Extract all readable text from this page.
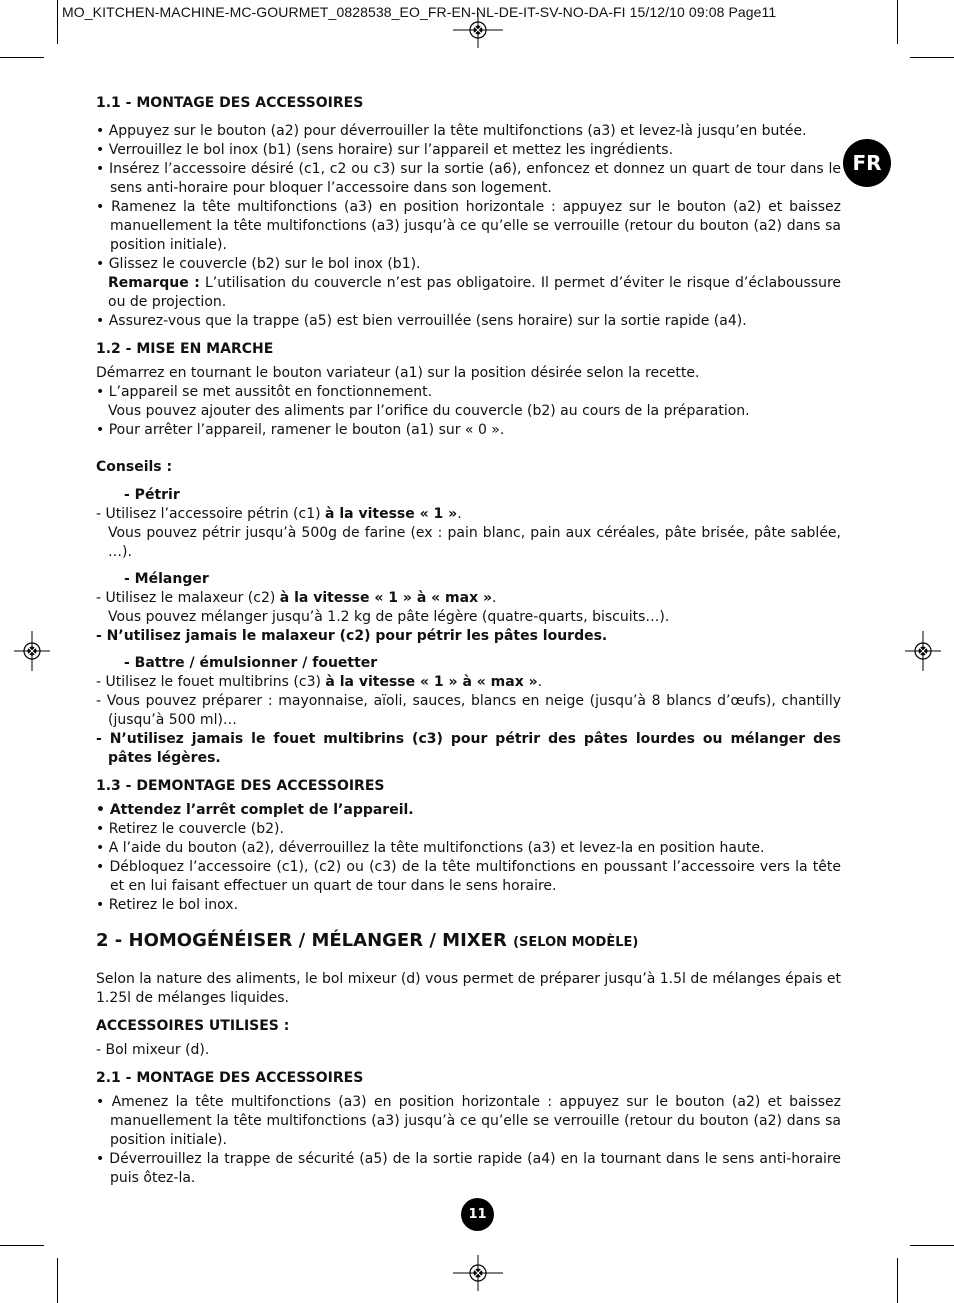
MO_KITCHEN-MACHINE-MC-GOURMET_0828538_EO_FR-EN-NL-DE-IT-SV-NO-DA-FI 15/12/10 09:08 Page11
FR
11

1.1 - MONTAGE DES ACCESSOIRES

• Appuyez sur le bouton (a2) pour déverrouiller la tête multifonctions (a3) et levez-là jusqu’en butée.

• Verrouillez le bol inox (b1) (sens horaire) sur l’appareil et mettez les ingrédients.

• Insérez l’accessoire désiré (c1, c2 ou c3) sur la sortie (a6), enfoncez et donnez un quart de tour dans le sens anti-horaire pour bloquer l’accessoire dans son logement.

• Ramenez la tête multifonctions (a3) en position horizontale : appuyez sur le bouton (a2) et baissez manuellement la tête multifonctions (a3) jusqu’à ce qu’elle se verrouille (retour du bouton (a2) dans sa position initiale).

• Glissez le couvercle (b2) sur le bol inox (b1).

Remarque : L’utilisation du couvercle n’est pas obligatoire. Il permet d’éviter le risque d’éclaboussure ou de projection.

• Assurez-vous que la trappe (a5) est bien verrouillée (sens horaire) sur la sortie rapide (a4).

1.2 - MISE EN MARCHE

Démarrez en tournant le bouton variateur (a1) sur la position désirée selon la recette.

• L’appareil se met aussitôt en fonctionnement.

Vous pouvez ajouter des aliments par l’orifice du couvercle (b2) au cours de la préparation.

• Pour arrêter l’appareil, ramener le bouton (a1) sur « 0 ».

Conseils :

- Pétrir

- Utilisez l’accessoire pétrin (c1) à la vitesse « 1 ».

Vous pouvez pétrir jusqu’à 500g de farine (ex : pain blanc, pain aux céréales, pâte brisée, pâte sablée, …).

- Mélanger

- Utilisez le malaxeur (c2) à la vitesse « 1 » à « max ».

Vous pouvez mélanger jusqu’à 1.2 kg de pâte légère (quatre-quarts, biscuits…).

- N’utilisez jamais le malaxeur (c2) pour pétrir les pâtes lourdes.

- Battre / émulsionner / fouetter

- Utilisez le fouet multibrins (c3) à la vitesse « 1 » à « max ».

- Vous pouvez préparer : mayonnaise, aïoli, sauces, blancs en neige (jusqu’à 8 blancs d’œufs), chantilly (jusqu’à 500 ml)…

- N’utilisez jamais le fouet multibrins (c3) pour pétrir des pâtes lourdes ou mélanger des pâtes légères.

1.3 - DEMONTAGE DES ACCESSOIRES

• Attendez l’arrêt complet de l’appareil.

• Retirez le couvercle (b2).

• A l’aide du bouton (a2), déverrouillez la tête multifonctions (a3) et levez-la en position haute.

• Débloquez l’accessoire (c1), (c2) ou (c3) de la tête multifonctions en poussant l’accessoire vers la tête et en lui faisant effectuer un quart de tour dans le sens horaire.

• Retirez le bol inox.

2 - HOMOGÉNÉISER / MÉLANGER / MIXER (SELON MODÈLE)

Selon la nature des aliments, le bol mixeur (d) vous permet de préparer jusqu’à 1.5l de mélanges épais et 1.25l de mélanges liquides.

ACCESSOIRES UTILISES :

- Bol mixeur (d).

2.1 - MONTAGE DES ACCESSOIRES

• Amenez la tête multifonctions (a3) en position horizontale : appuyez sur le bouton (a2) et baissez manuellement la tête multifonctions (a3) jusqu’à ce qu’elle se verrouille (retour du bouton (a2) dans sa position initiale).

• Déverrouillez la trappe de sécurité (a5) de la sortie rapide (a4) en la tournant dans le sens anti-horaire puis ôtez-la.
